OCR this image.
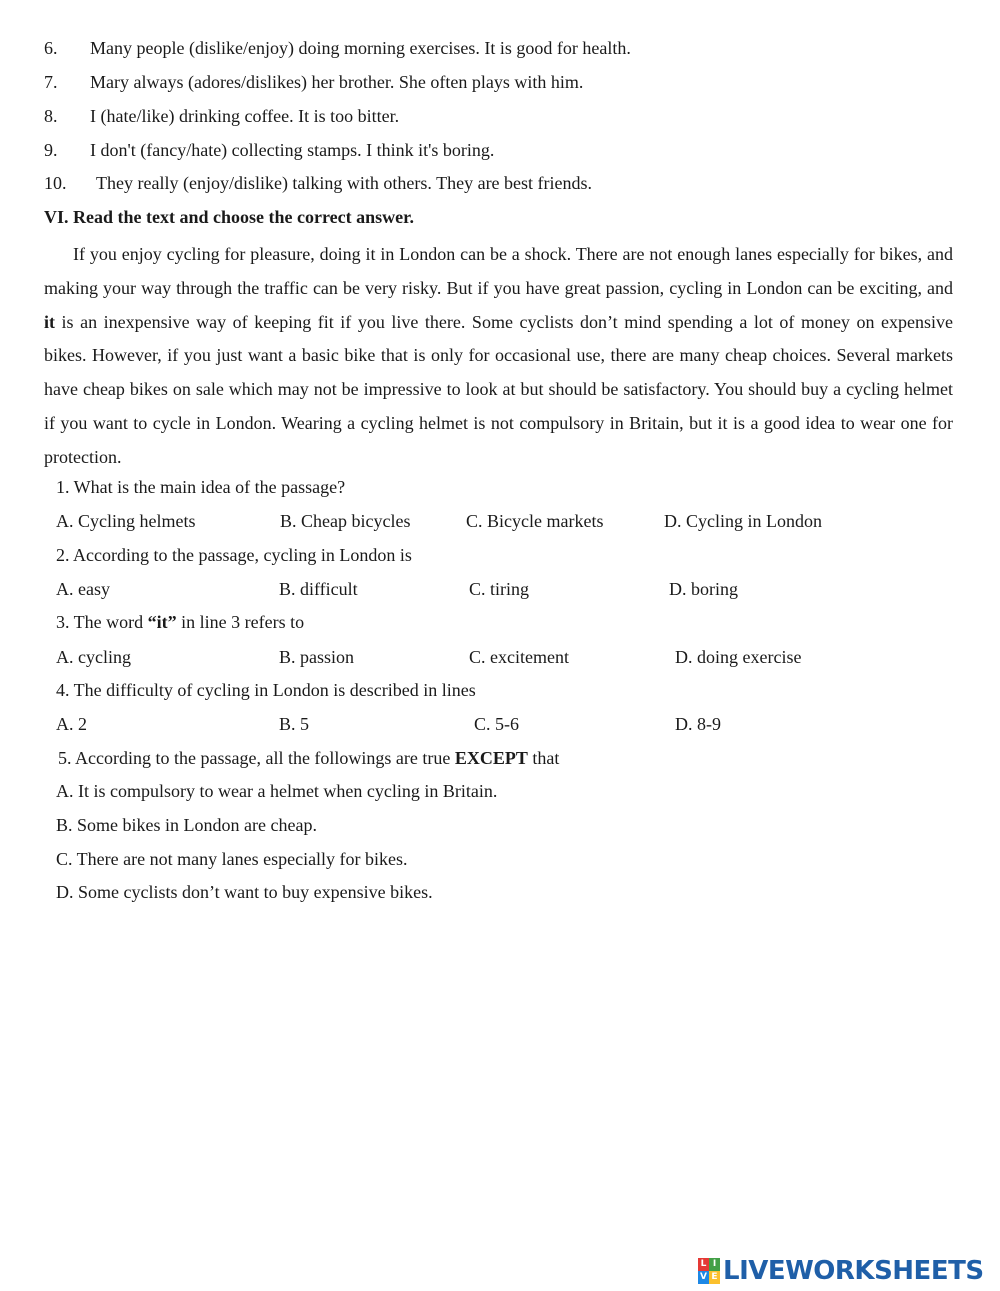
6. Many people (dislike/enjoy) doing morning exercises. It is good for health.
7. Mary always (adores/dislikes) her brother. She often plays with him.
8. I (hate/like) drinking coffee. It is too bitter.
9. I don't (fancy/hate) collecting stamps. I think it's boring.
10. They really (enjoy/dislike) talking with others. They are best friends.
VI. Read the text and choose the correct answer.
If you enjoy cycling for pleasure, doing it in London can be a shock. There are not enough lanes especially for bikes, and making your way through the traffic can be very risky. But if you have great passion, cycling in London can be exciting, and it is an inexpensive way of keeping fit if you live there. Some cyclists don’t mind spending a lot of money on expensive bikes. However, if you just want a basic bike that is only for occasional use, there are many cheap choices. Several markets have cheap bikes on sale which may not be impressive to look at but should be satisfactory. You should buy a cycling helmet if you want to cycle in London. Wearing a cycling helmet is not compulsory in Britain, but it is a good idea to wear one for protection.
1. What is the main idea of the passage?
A. Cycling helmets	B. Cheap bicycles	C. Bicycle markets	D. Cycling in London
2. According to the passage, cycling in London is
A. easy	B. difficult	C. tiring	D. boring
3. The word “it” in line 3 refers to
A. cycling	B. passion	C. excitement	D. doing exercise
4. The difficulty of cycling in London is described in lines
A. 2	B. 5	C. 5-6	D. 8-9
5. According to the passage, all the followings are true EXCEPT that
A. It is compulsory to wear a helmet when cycling in Britain.
B. Some bikes in London are cheap.
C. There are not many lanes especially for bikes.
D. Some cyclists don’t want to buy expensive bikes.
L I
V E LIVEWORKSHEETS
